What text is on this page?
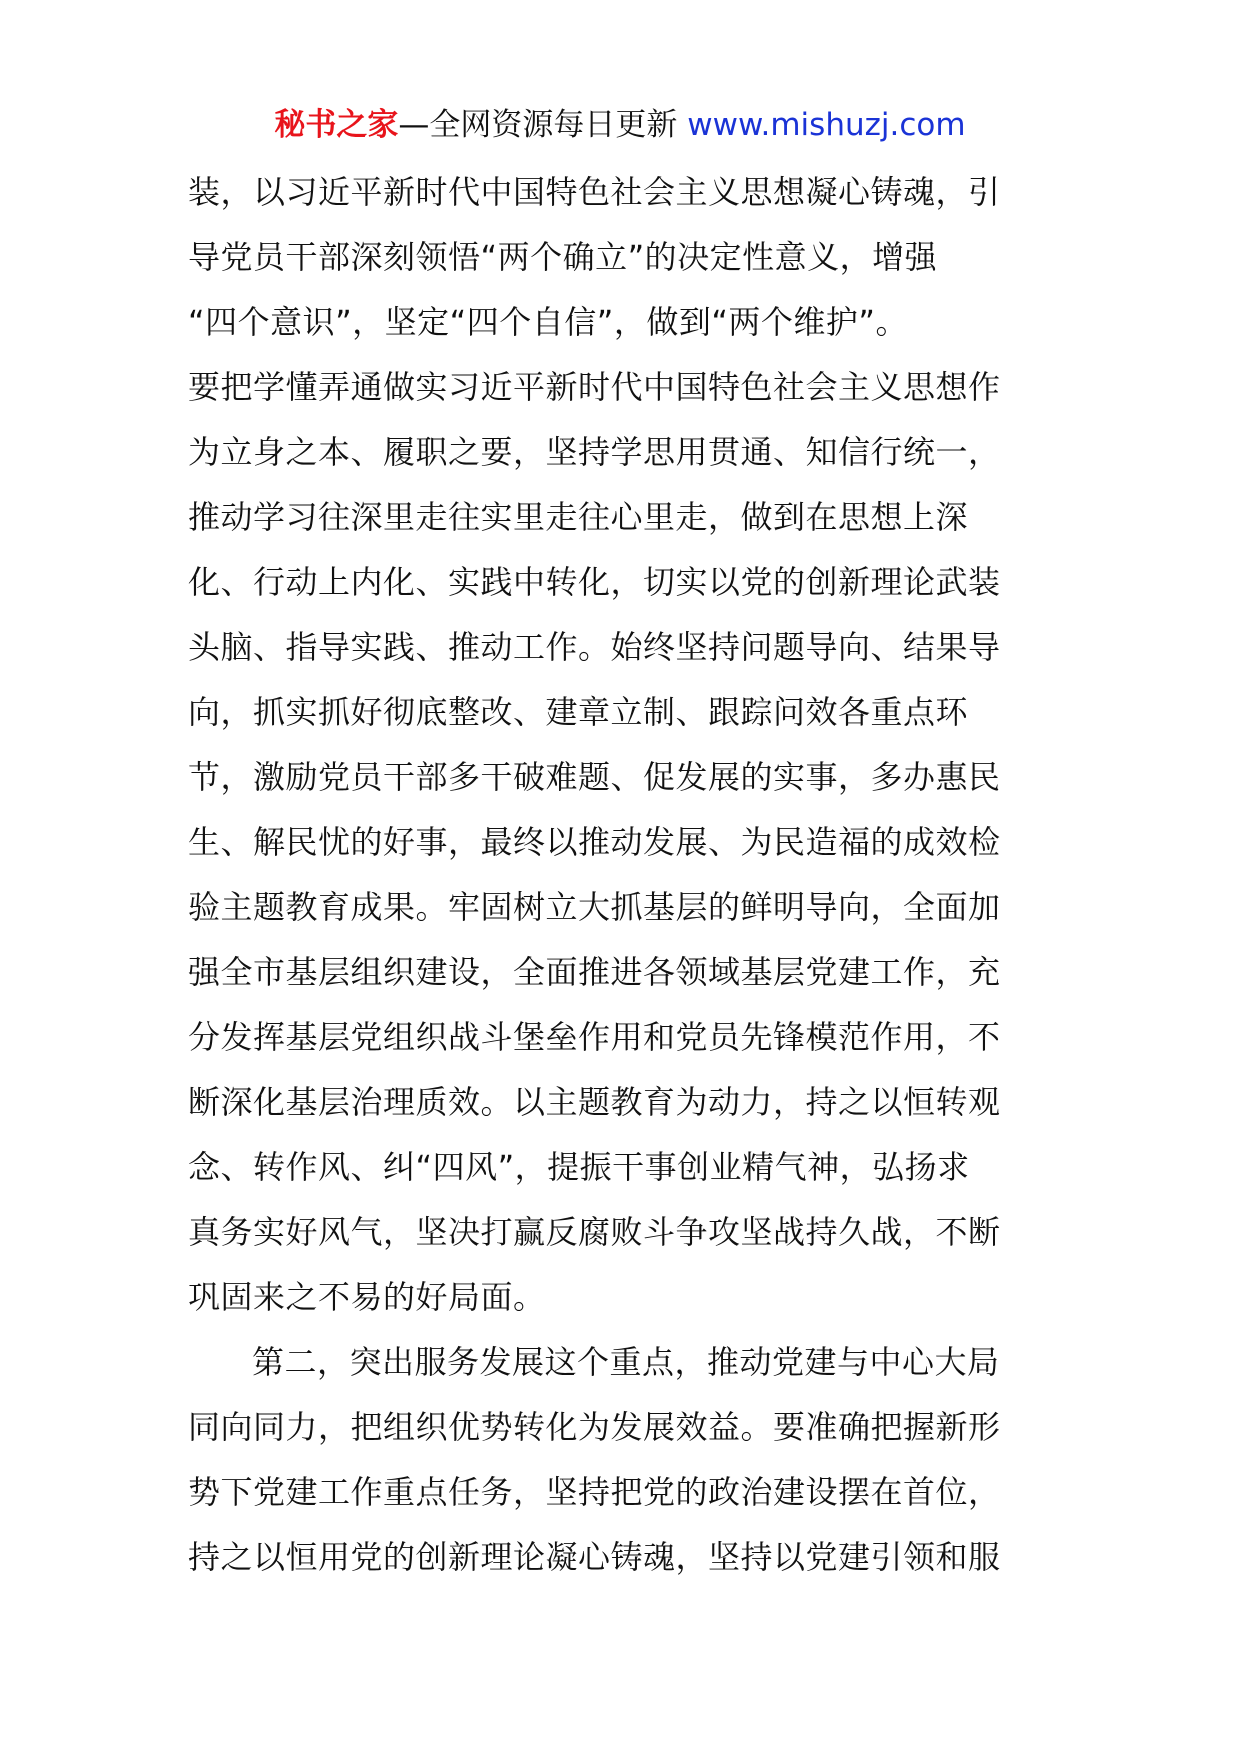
秘书之家—全网资源每日更新 www.mishuzj.com
装，以习近平新时代中国特色社会主义思想凝心铸魂，引
导党员干部深刻领悟“两个确立”的决定性意义，增强
“四个意识”，坚定“四个自信”，做到“两个维护”。
要把学懂弄通做实习近平新时代中国特色社会主义思想作
为立身之本、履职之要，坚持学思用贯通、知信行统一，
推动学习往深里走往实里走往心里走，做到在思想上深
化、行动上内化、实践中转化，切实以党的创新理论武装
头脑、指导实践、推动工作。始终坚持问题导向、结果导
向，抓实抓好彻底整改、建章立制、跟踪问效各重点环
节，激励党员干部多干破难题、促发展的实事，多办惠民
生、解民忧的好事，最终以推动发展、为民造福的成效检
验主题教育成果。牢固树立大抓基层的鲜明导向，全面加
强全市基层组织建设，全面推进各领域基层党建工作，充
分发挥基层党组织战斗堡垒作用和党员先锋模范作用，不
断深化基层治理质效。以主题教育为动力，持之以恒转观
念、转作风、纠“四风”，提振干事创业精气神，弘扬求
真务实好风气，坚决打赢反腐败斗争攻坚战持久战，不断
巩固来之不易的好局面。
第二，突出服务发展这个重点，推动党建与中心大局
同向同力，把组织优势转化为发展效益。要准确把握新形
势下党建工作重点任务，坚持把党的政治建设摆在首位，
持之以恒用党的创新理论凝心铸魂，坚持以党建引领和服
